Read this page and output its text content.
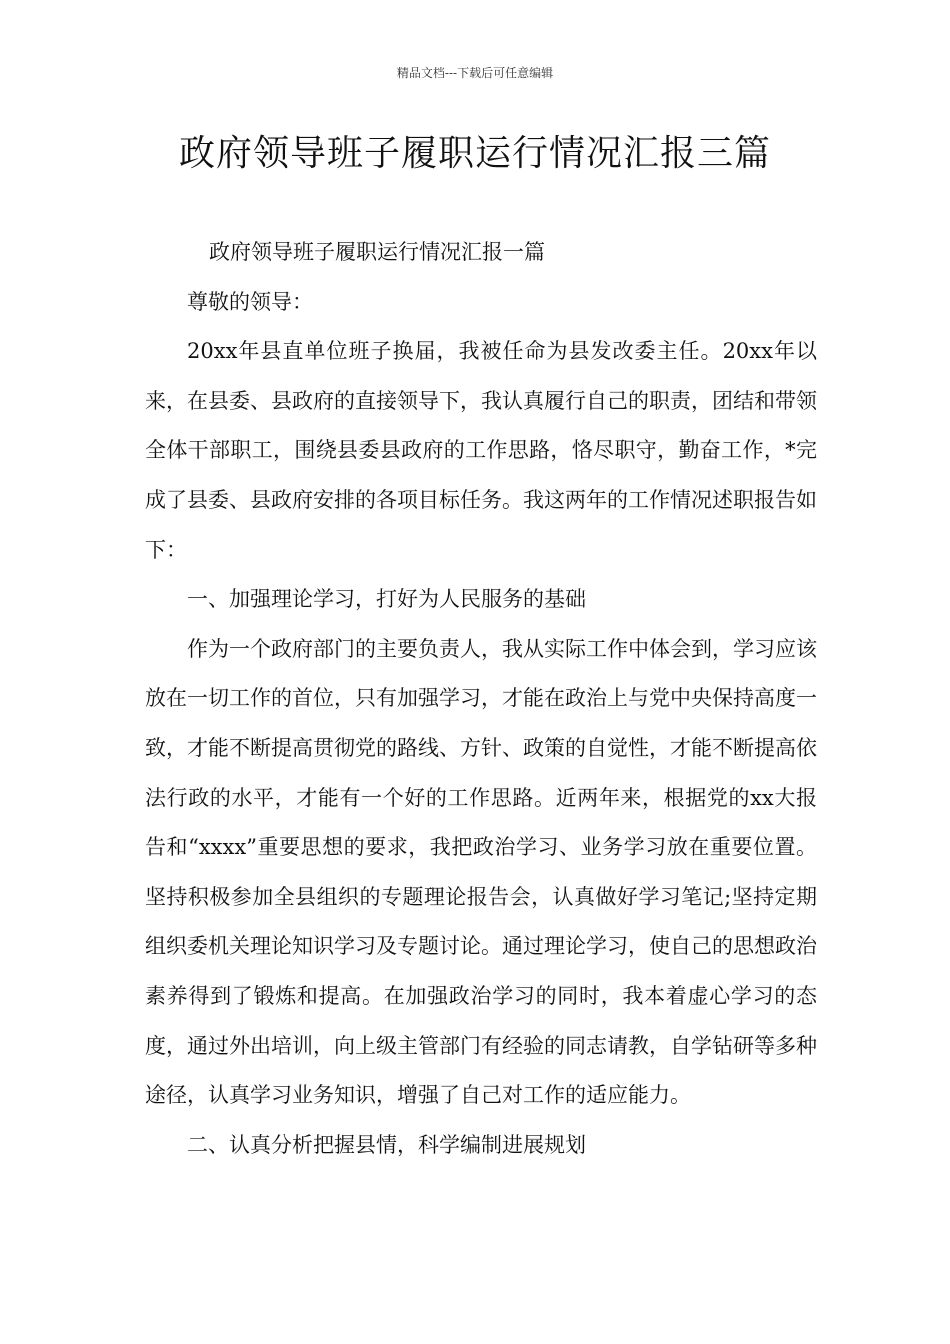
精品文档---下载后可任意编辑
政府领导班子履职运行情况汇报三篇

政府领导班子履职运行情况汇报一篇

尊敬的领导：

20xx年县直单位班子换届，我被任命为县发改委主任。20xx年以来，在县委、县政府的直接领导下，我认真履行自己的职责，团结和带领全体干部职工，围绕县委县政府的工作思路，恪尽职守，勤奋工作，*完成了县委、县政府安排的各项目标任务。我这两年的工作情况述职报告如下：

一、加强理论学习，打好为人民服务的基础

作为一个政府部门的主要负责人，我从实际工作中体会到，学习应该放在一切工作的首位，只有加强学习，才能在政治上与党中央保持高度一致，才能不断提高贯彻党的路线、方针、政策的自觉性，才能不断提高依法行政的水平，才能有一个好的工作思路。近两年来，根据党的xx大报告和“xxxx”重要思想的要求，我把政治学习、业务学习放在重要位置。坚持积极参加全县组织的专题理论报告会，认真做好学习笔记;坚持定期组织委机关理论知识学习及专题讨论。通过理论学习，使自己的思想政治素养得到了锻炼和提高。在加强政治学习的同时，我本着虚心学习的态度，通过外出培训，向上级主管部门有经验的同志请教，自学钻研等多种途径，认真学习业务知识，增强了自己对工作的适应能力。

二、认真分析把握县情，科学编制进展规划
